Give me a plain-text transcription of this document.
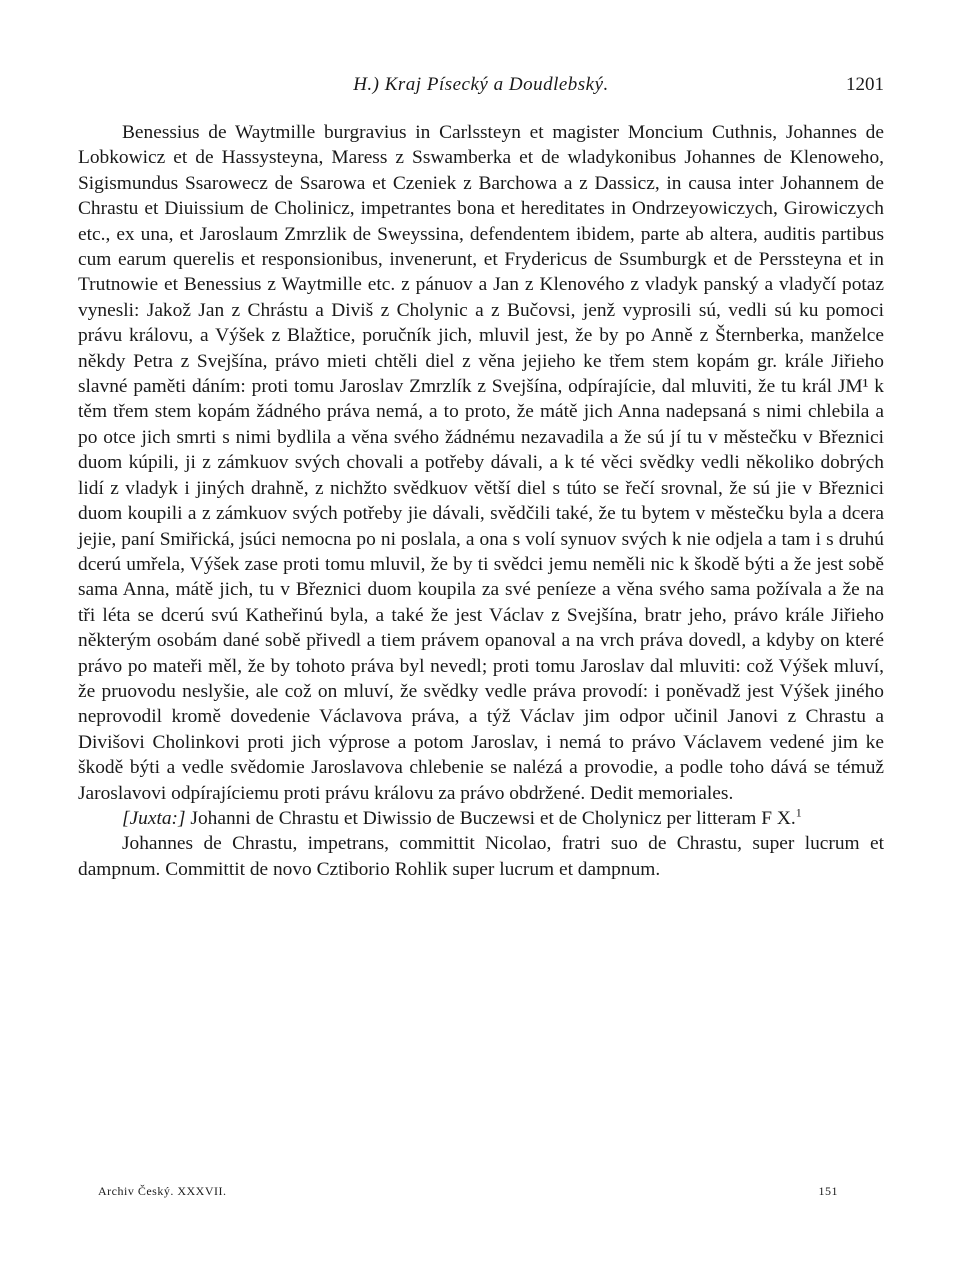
H.) Kraj Písecký a Doudlebský.	1201

Benessius de Waytmille burgravius in Carlssteyn et magister Moncium Cuthnis, Johannes de Lobkowicz et de Hassysteyna, Maress z Sswamberka et de wladykonibus Johannes de Klenoweho, Sigismundus Ssarowecz de Ssarowa et Czeniek z Barchowa a z Dassicz, in causa inter Johannem de Chrastu et Diuissium de Cholinicz, impetrantes bona et hereditates in Ondrzeyowiczych, Girowiczych etc., ex una, et Jaroslaum Zmrzlik de Sweyssina, defendentem ibidem, parte ab altera, auditis partibus cum earum querelis et responsionibus, invenerunt, et Frydericus de Ssumburgk et de Perssteyna et in Trutnowie et Benessius z Waytmille etc. z pánuov a Jan z Klenového z vladyk panský a vladyčí potaz vynesli: Jakož Jan z Chrástu a Diviš z Cholynic a z Bučovsi, jenž vyprosili sú, vedli sú ku pomoci právu královu, a Výšek z Blažtice, poručník jich, mluvil jest, že by po Anně z Šternberka, manželce někdy Petra z Svejšína, právo mieti chtěli diel z věna jejieho ke třem stem kopám gr. krále Jiřieho slavné paměti dáním: proti tomu Jaroslav Zmrzlík z Svejšína, odpírajície, dal mluviti, že tu král JM¹ k těm třem stem kopám žádného práva nemá, a to proto, že mátě jich Anna nadepsaná s nimi chlebila a po otce jich smrti s nimi bydlila a věna svého žádnému nezavadila a že sú jí tu v městečku v Březnici duom kúpili, ji z zámkuov svých chovali a potřeby dávali, a k té věci svědky vedli několiko dobrých lidí z vladyk i jiných drahně, z nichžto svědkuov větší diel s túto se řečí srovnal, že sú jie v Březnici duom koupili a z zámkuov svých potřeby jie dávali, svědčili také, že tu bytem v městečku byla a dcera jejie, paní Smiřická, jsúci nemocna po ni poslala, a ona s volí synuov svých k nie odjela a tam i s druhú dcerú umřela, Výšek zase proti tomu mluvil, že by ti svědci jemu neměli nic k škodě býti a že jest sobě sama Anna, mátě jich, tu v Březnici duom koupila za své peníeze a věna svého sama požívala a že na tři léta se dcerú svú Katheřinú byla, a také že jest Václav z Svejšína, bratr jeho, právo krále Jiřieho některým osobám dané sobě přivedl a tiem právem opanoval a na vrch práva dovedl, a kdyby on které právo po mateři měl, že by tohoto práva byl nevedl; proti tomu Jaroslav dal mluviti: což Výšek mluví, že pruovodu neslyšie, ale což on mluví, že svědky vedle práva provodí: i poněvadž jest Výšek jiného neprovodil kromě dovedenie Václavova práva, a týž Václav jim odpor učinil Janovi z Chrastu a Divišovi Cholinkovi proti jich výprose a potom Jaroslav, i nemá to právo Václavem vedené jim ke škodě býti a vedle svědomie Jaroslavova chlebenie se nalézá a provodie, a podle toho dává se témuž Jaroslavovi odpírajíciemu proti právu královu za právo obdržené. Dedit memoriales.

[Juxta:] Johanni de Chrastu et Diwissio de Buczewsi et de Cholynicz per litteram F X.$^1$

Johannes de Chrastu, impetrans, committit Nicolao, fratri suo de Chrastu, super lucrum et dampnum. Committit de novo Cztiborio Rohlik super lucrum et dampnum.

Archiv Český. XXXVII.	151
